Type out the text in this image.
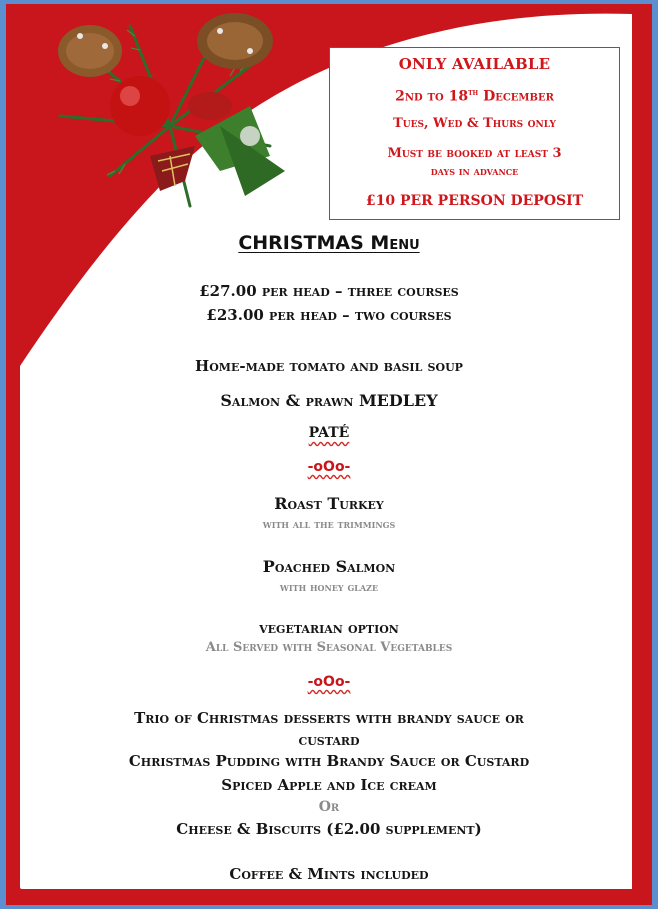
ONLY AVAILABLE
2nd to 18th December
Tues, Wed & Thurs only
Must be booked at least 3
days in advance
£10 PER PERSON DEPOSIT
CHRISTMAS Menu
£27.00 per head – three courses
£23.00 per head – two courses
Home-made tomato and basil soup
Salmon & prawn MEDLEY
PATÉ
-oOo-
Roast Turkey
with all the trimmings
Poached Salmon
with honey glaze
vegetarian option
All Served with Seasonal Vegetables
-oOo-
Trio of Christmas desserts with brandy sauce or
custard
Christmas Pudding with Brandy Sauce or Custard
Spiced Apple and Ice cream
Or
Cheese & Biscuits (£2.00 supplement)
Coffee & Mints included
